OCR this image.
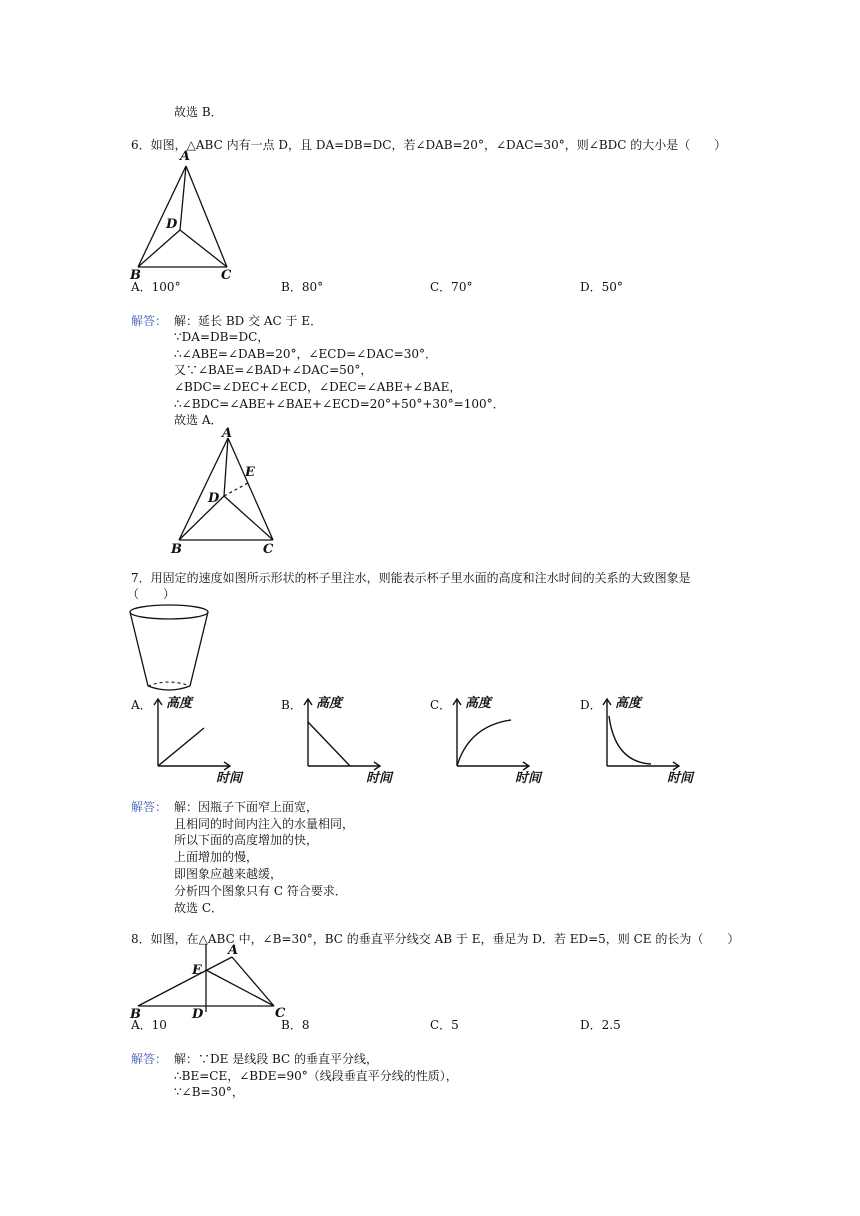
故选 B．
6．如图，△ABC 内有一点 D，且 DA=DB=DC，若∠DAB=20°，∠DAC=30°，则∠BDC 的大小是（　　）
A
D
B	C
A．100°	B．80°	C．70°	D．50°
解答： 解：延长 BD 交 AC 于 E．
∵DA=DB=DC，
∴∠ABE=∠DAB=20°，∠ECD=∠DAC=30°．
又∵∠BAE=∠BAD+∠DAC=50°，
∠BDC=∠DEC+∠ECD，∠DEC=∠ABE+∠BAE，
∴∠BDC=∠ABE+∠BAE+∠ECD=20°+50°+30°=100°．
故选 A．
A
E
D
B	C
7．用固定的速度如图所示形状的杯子里注水，则能表示杯子里水面的高度和注水时间的关系的大致图象是
（　　）
A． 高度
时间
B． 高度
时间
C． 高度
时间
D． 高度
时间
解答： 解：因瓶子下面窄上面宽，
且相同的时间内注入的水量相同，
所以下面的高度增加的快，
上面增加的慢，
即图象应越来越缓，
分析四个图象只有 C 符合要求．
故选 C．
8．如图，在△ABC 中，∠B=30°，BC 的垂直平分线交 AB 于 E，垂足为 D．若 ED=5，则 CE 的长为（　　）
A
E
C
B	D
A．10	B．8	C．5	D．2.5
解答： 解：∵DE 是线段 BC 的垂直平分线，
∴BE=CE，∠BDE=90°（线段垂直平分线的性质），
∵∠B=30°，
